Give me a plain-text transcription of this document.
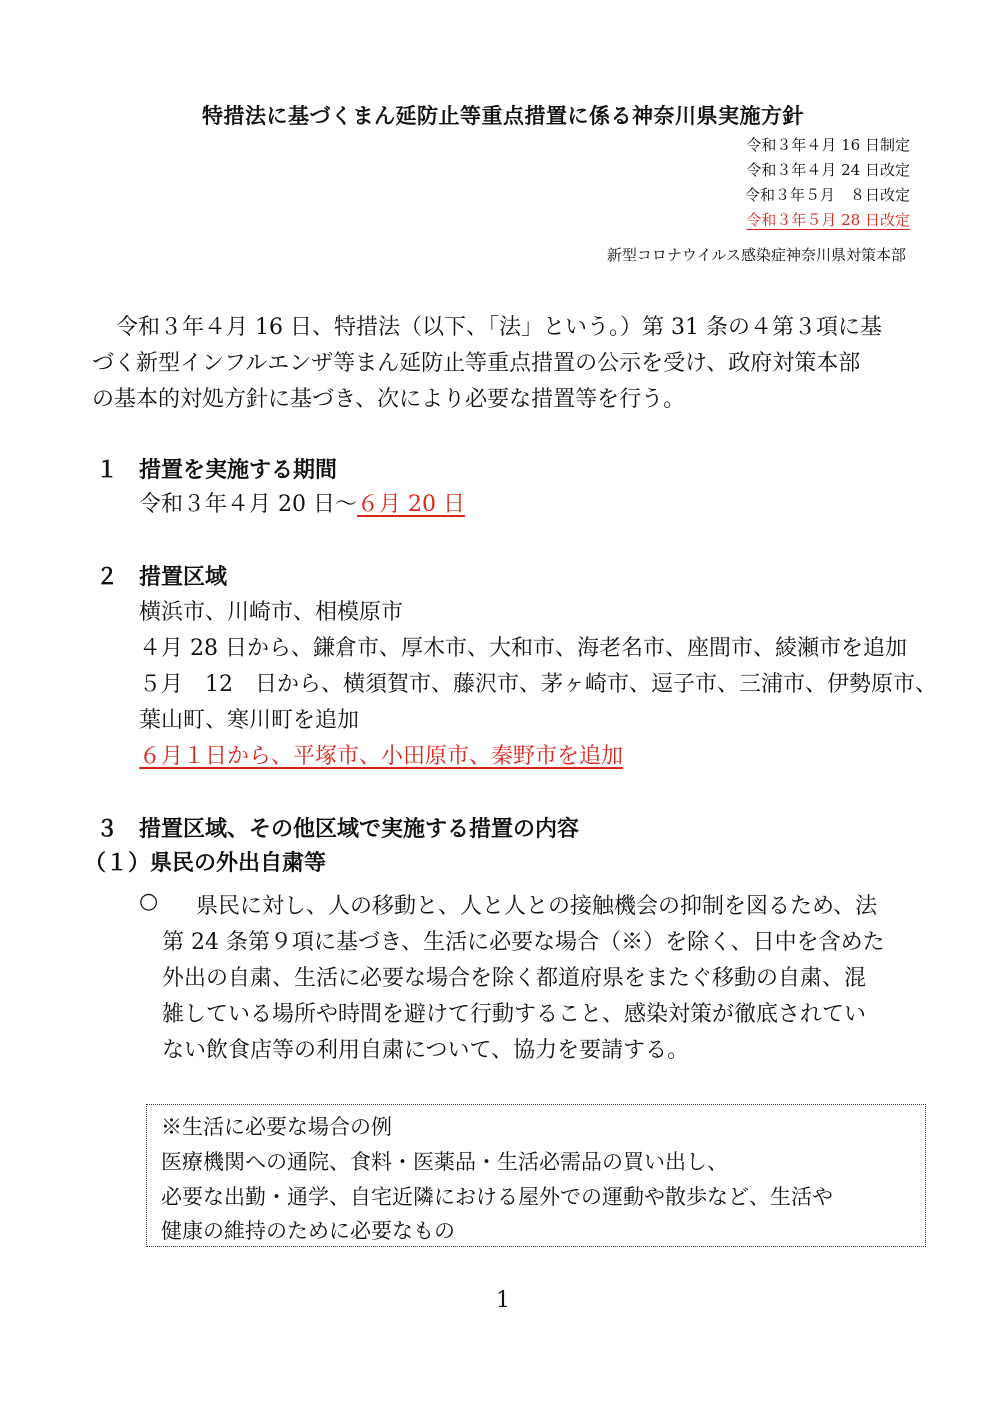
特措法に基づくまん延防止等重点措置に係る神奈川県実施方針
令和３年４月 16 日制定
令和３年４月 24 日改定
令和３年５月　８日改定
令和３年５月 28 日改定
新型コロナウイルス感染症神奈川県対策本部
令和３年４月 16 日、特措法（以下、「法」という。）第 31 条の４第３項に基
づく新型インフルエンザ等まん延防止等重点措置の公示を受け、政府対策本部
の基本的対処方針に基づき、次により必要な措置等を行う。
１ 措置を実施する期間
令和３年４月 20 日～６月 20 日
２ 措置区域
横浜市、川崎市、相模原市
４月 28 日から、鎌倉市、厚木市、大和市、海老名市、座間市、綾瀬市を追加
５月　12　日から、横須賀市、藤沢市、茅ヶ崎市、逗子市、三浦市、伊勢原市、
葉山町、寒川町を追加
６月１日から、平塚市、小田原市、秦野市を追加
３ 措置区域、その他区域で実施する措置の内容
（１）県民の外出自粛等
○ 県民に対し、人の移動と、人と人との接触機会の抑制を図るため、法
第 24 条第９項に基づき、生活に必要な場合（※）を除く、日中を含めた
外出の自粛、生活に必要な場合を除く都道府県をまたぐ移動の自粛、混
雑している場所や時間を避けて行動すること、感染対策が徹底されてい
ない飲食店等の利用自粛について、協力を要請する。
※生活に必要な場合の例
医療機関への通院、食料・医薬品・生活必需品の買い出し、
必要な出勤・通学、自宅近隣における屋外での運動や散歩など、生活や
健康の維持のために必要なもの
1
